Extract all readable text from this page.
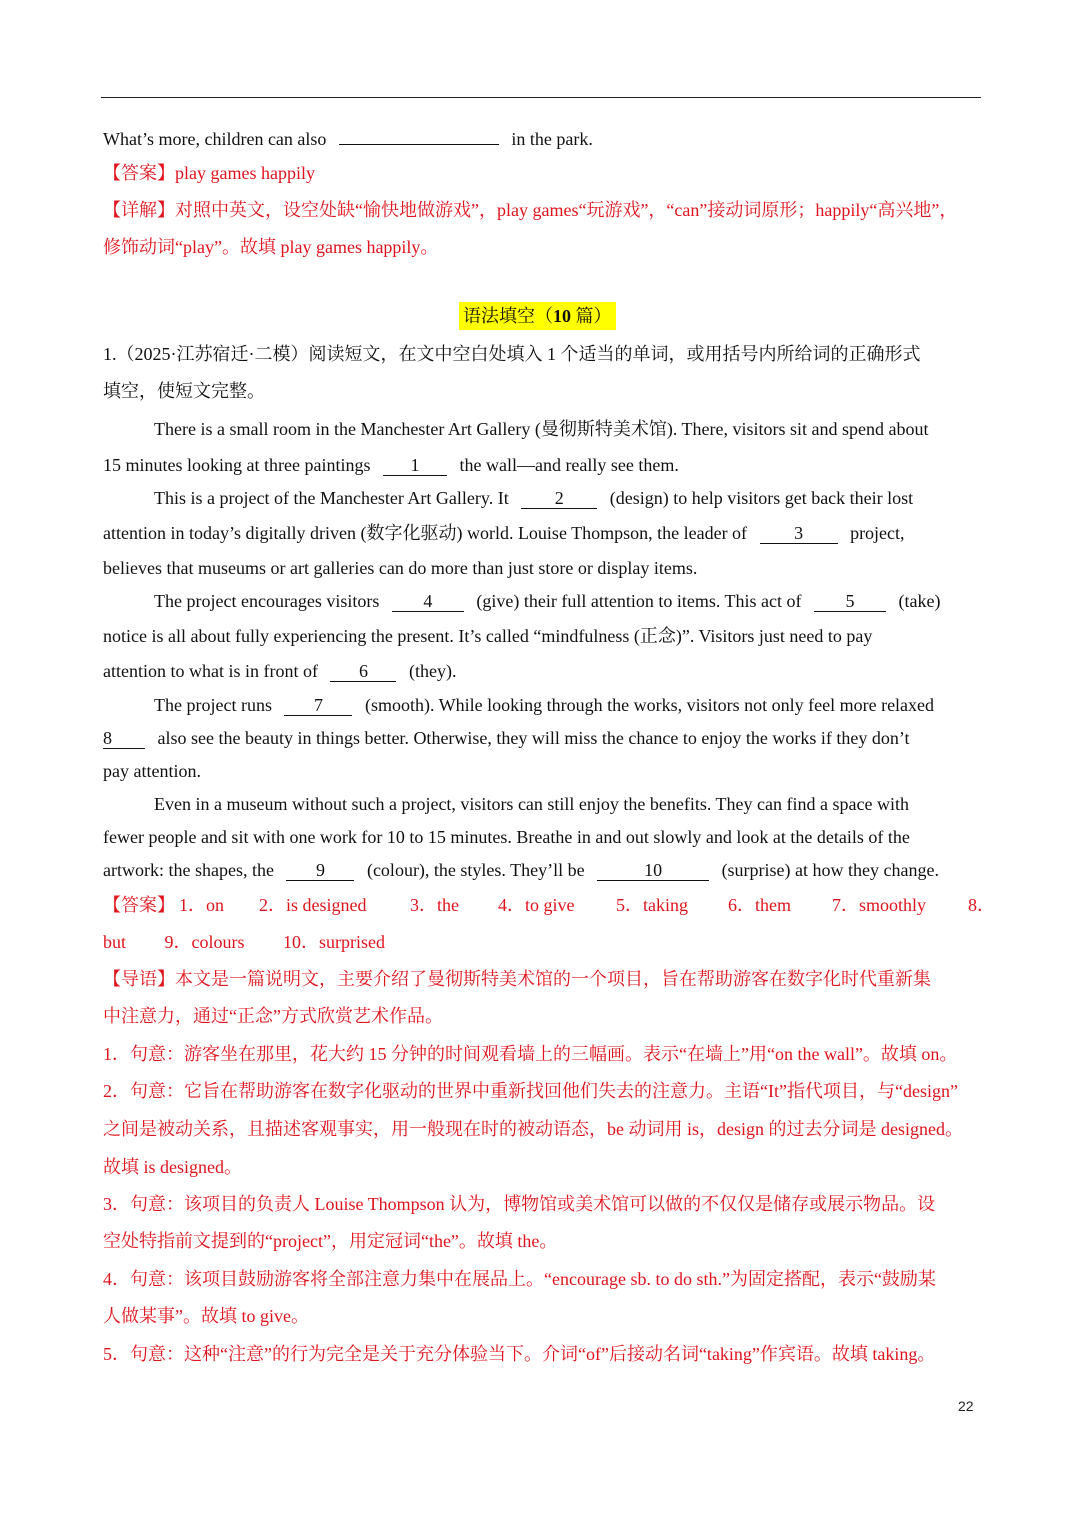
What’s more, children can also	in the park.
【答案】play games happily
【详解】对照中英文，设空处缺“愉快地做游戏”，play games“玩游戏”，“can”接动词原形；happily“高兴地”，
修饰动词“play”。故填 play games happily。
语法填空（10 篇）
1.（2025·江苏宿迁·二模）阅读短文，在文中空白处填入 1 个适当的单词，或用括号内所给词的正确形式
填空，使短文完整。
There is a small room in the Manchester Art Gallery (曼彻斯特美术馆). There, visitors sit and spend about
15 minutes looking at three paintings 1 the wall—and really see them.
This is a project of the Manchester Art Gallery. It	2	(design) to help visitors get back their lost
attention in today’s digitally driven (数字化驱动) world. Louise Thompson, the leader of	3	project,
believes that museums or art galleries can do more than just store or display items.
The project encourages visitors 4 (give) their full attention to items. This act of 5 (take)
notice is all about fully experiencing the present. It’s called “mindfulness (正念)”. Visitors just need to pay
attention to what is in front of 6 (they).
The project runs 7 (smooth). While looking through the works, visitors not only feel more relaxed
8	also see the beauty in things better. Otherwise, they will miss the chance to enjoy the works if they don’t
pay attention.
Even in a museum without such a project, visitors can still enjoy the benefits. They can find a space with
fewer people and sit with one work for 10 to 15 minutes. Breathe in and out slowly and look at the details of the
artwork: the shapes, the 9 (colour), the styles. They’ll be	10	(surprise) at how they change.
【答案】 1．on 2．is designed 3．the 4．to give 5．taking 6．them 7．smoothly 8．
but 9．colours 10．surprised
【导语】本文是一篇说明文，主要介绍了曼彻斯特美术馆的一个项目，旨在帮助游客在数字化时代重新集
中注意力，通过“正念”方式欣赏艺术作品。
1．句意：游客坐在那里，花大约 15 分钟的时间观看墙上的三幅画。表示“在墙上”用“on the wall”。故填 on。
2．句意：它旨在帮助游客在数字化驱动的世界中重新找回他们失去的注意力。主语“It”指代项目，与“design”
之间是被动关系，且描述客观事实，用一般现在时的被动语态，be 动词用 is，design 的过去分词是 designed。
故填 is designed。
3．句意：该项目的负责人 Louise Thompson 认为，博物馆或美术馆可以做的不仅仅是储存或展示物品。设
空处特指前文提到的“project”，用定冠词“the”。故填 the。
4．句意：该项目鼓励游客将全部注意力集中在展品上。“encourage sb. to do sth.”为固定搭配，表示“鼓励某
人做某事”。故填 to give。
5．句意：这种“注意”的行为完全是关于充分体验当下。介词“of”后接动名词“taking”作宾语。故填 taking。
22
